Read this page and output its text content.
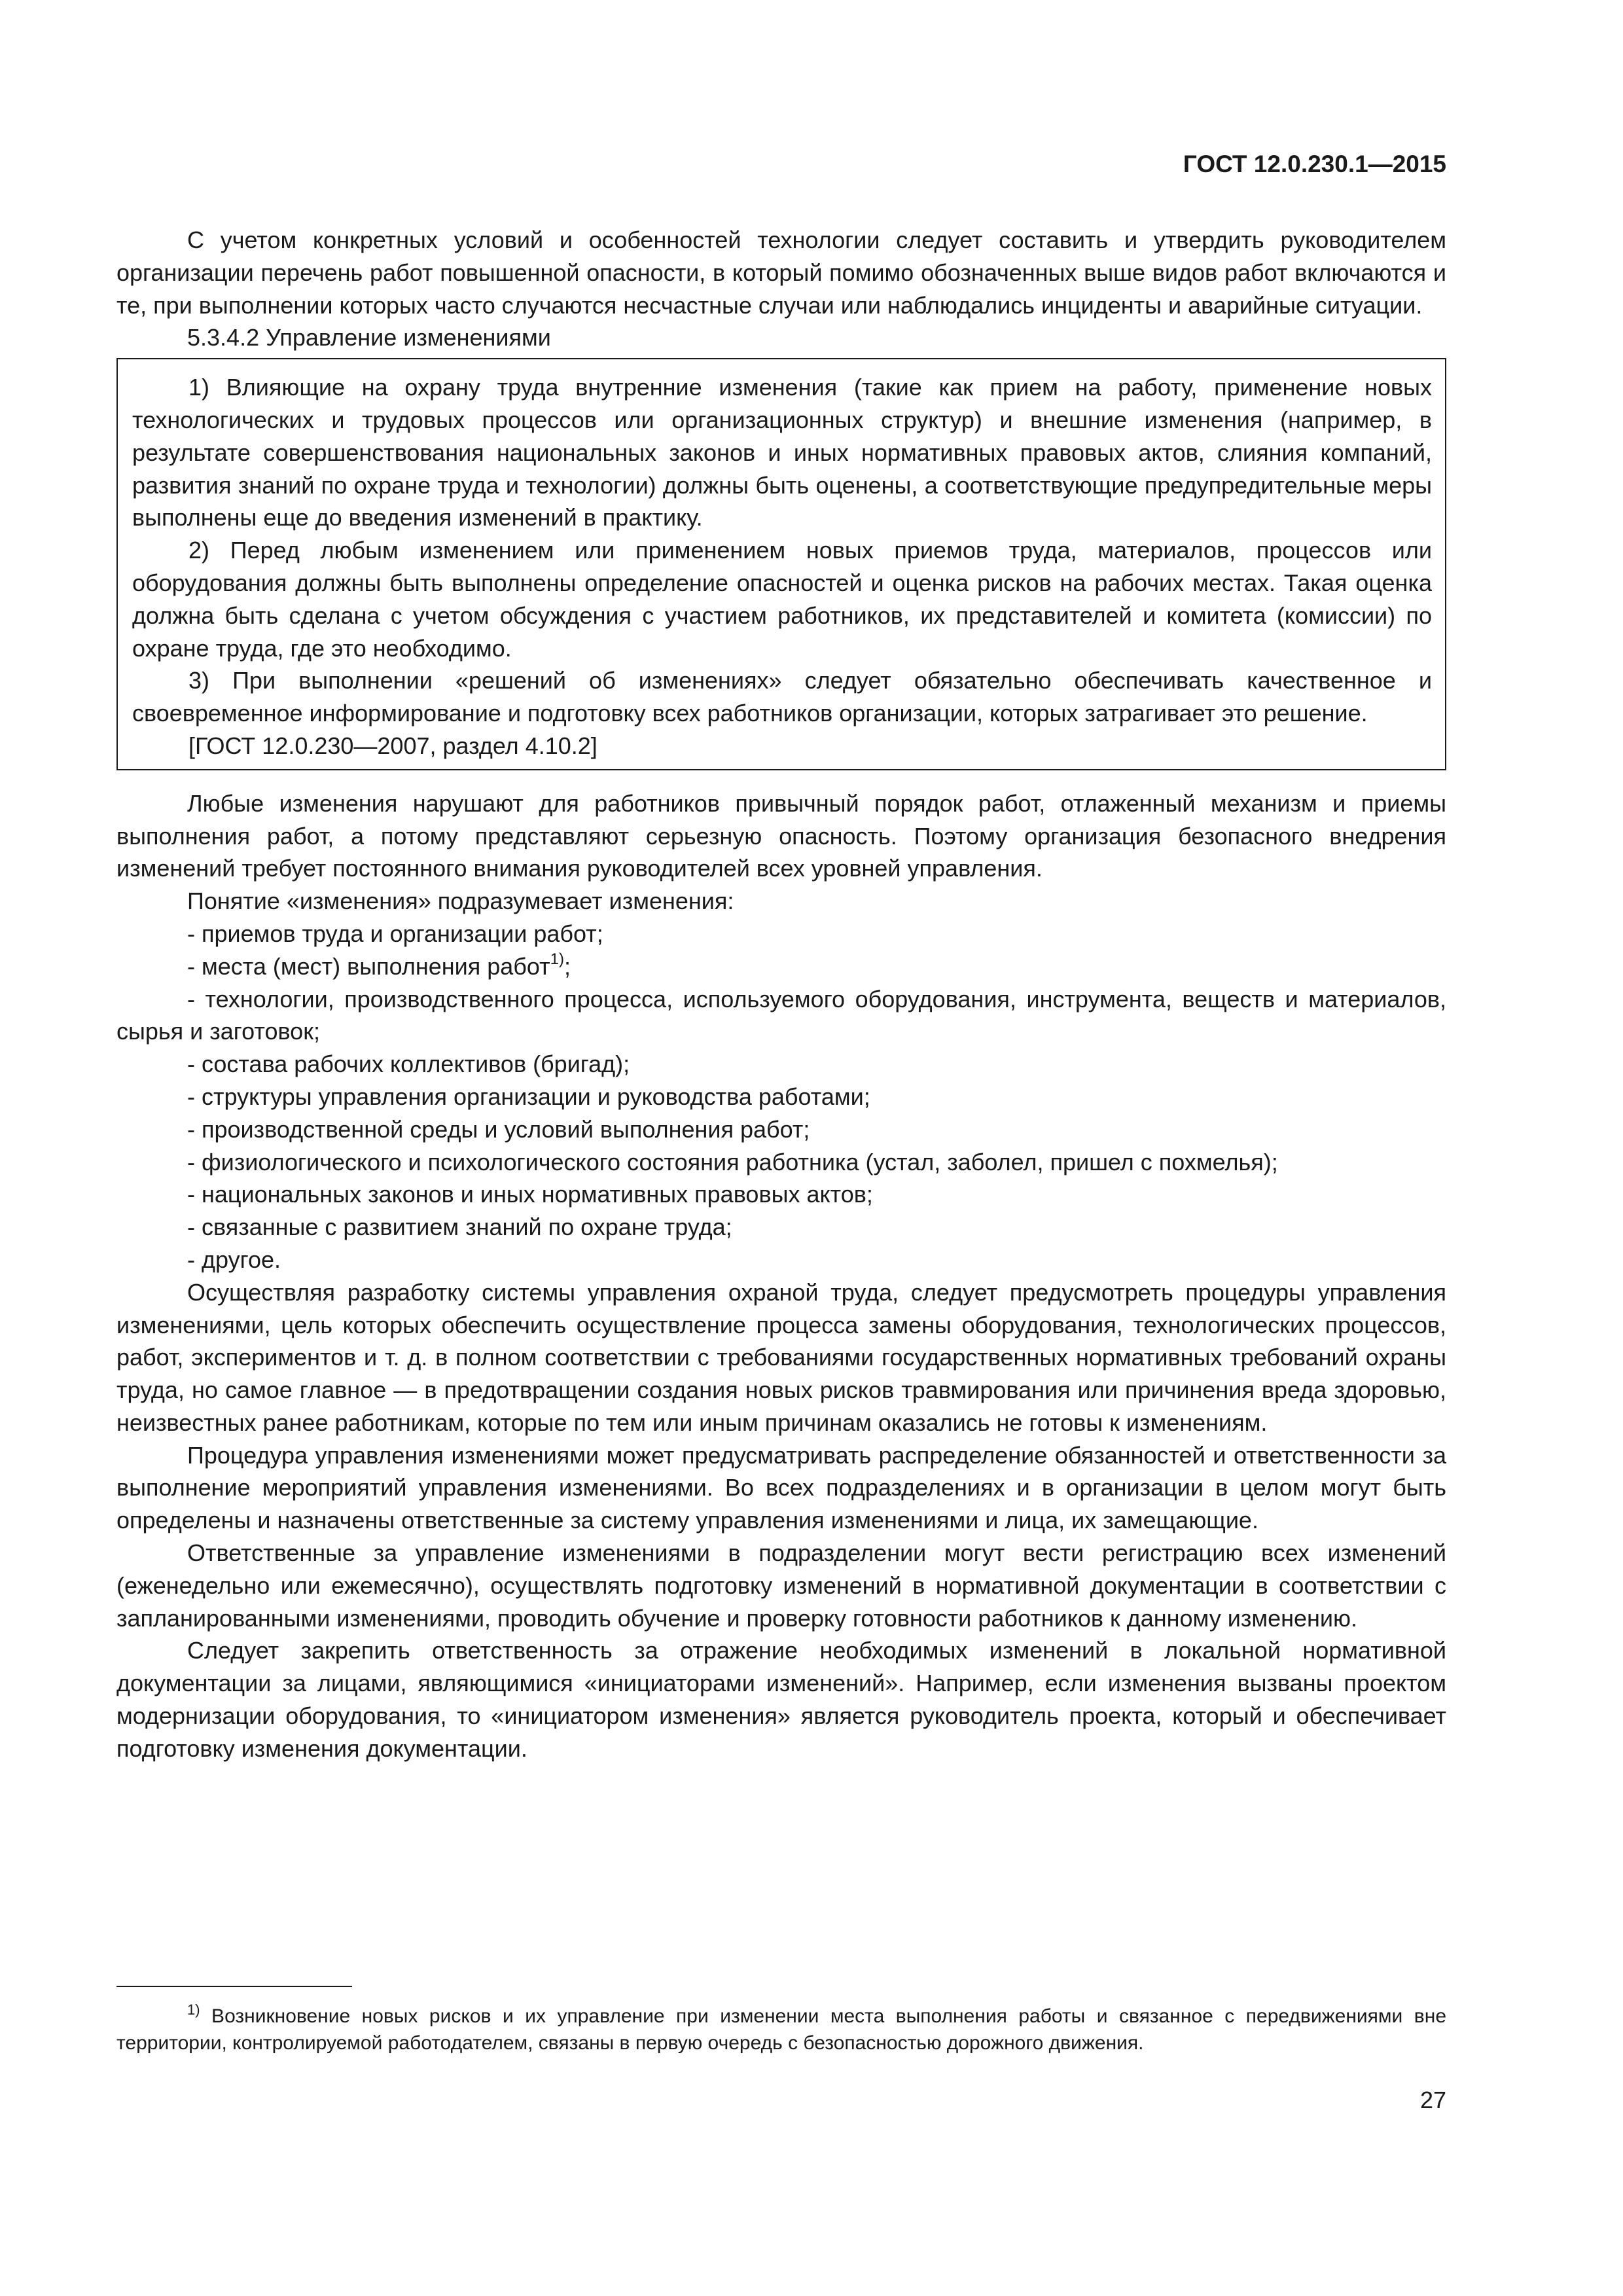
ГОСТ 12.0.230.1—2015

С учетом конкретных условий и особенностей технологии следует составить и утвердить руководителем организации перечень работ повышенной опасности, в который помимо обозначенных выше видов работ включаются и те, при выполнении которых часто случаются несчастные случаи или наблюдались инциденты и аварийные ситуации.

5.3.4.2 Управление изменениями

1) Влияющие на охрану труда внутренние изменения (такие как прием на работу, применение новых технологических и трудовых процессов или организационных структур) и внешние изменения (например, в результате совершенствования национальных законов и иных нормативных правовых актов, слияния компаний, развития знаний по охране труда и технологии) должны быть оценены, а соответствующие предупредительные меры выполнены еще до введения изменений в практику.

2) Перед любым изменением или применением новых приемов труда, материалов, процессов или оборудования должны быть выполнены определение опасностей и оценка рисков на рабочих местах. Такая оценка должна быть сделана с учетом обсуждения с участием работников, их представителей и комитета (комиссии) по охране труда, где это необходимо.

3) При выполнении «решений об изменениях» следует обязательно обеспечивать качественное и своевременное информирование и подготовку всех работников организации, которых затрагивает это решение.

[ГОСТ 12.0.230—2007, раздел 4.10.2]

Любые изменения нарушают для работников привычный порядок работ, отлаженный механизм и приемы выполнения работ, а потому представляют серьезную опасность. Поэтому организация безопасного внедрения изменений требует постоянного внимания руководителей всех уровней управления.

Понятие «изменения» подразумевает изменения:

- приемов труда и организации работ;

- места (мест) выполнения работ$^{1)}$;

- технологии, производственного процесса, используемого оборудования, инструмента, веществ и материалов, сырья и заготовок;

- состава рабочих коллективов (бригад);

- структуры управления организации и руководства работами;

- производственной среды и условий выполнения работ;

- физиологического и психологического состояния работника (устал, заболел, пришел с похмелья);

- национальных законов и иных нормативных правовых актов;

- связанные с развитием знаний по охране труда;

- другое.

Осуществляя разработку системы управления охраной труда, следует предусмотреть процедуры управления изменениями, цель которых обеспечить осуществление процесса замены оборудования, технологических процессов, работ, экспериментов и т. д. в полном соответствии с требованиями государственных нормативных требований охраны труда, но самое главное — в предотвращении создания новых рисков травмирования или причинения вреда здоровью, неизвестных ранее работникам, которые по тем или иным причинам оказались не готовы к изменениям.

Процедура управления изменениями может предусматривать распределение обязанностей и ответственности за выполнение мероприятий управления изменениями. Во всех подразделениях и в организации в целом могут быть определены и назначены ответственные за систему управления изменениями и лица, их замещающие.

Ответственные за управление изменениями в подразделении могут вести регистрацию всех изменений (еженедельно или ежемесячно), осуществлять подготовку изменений в нормативной документации в соответствии с запланированными изменениями, проводить обучение и проверку готовности работников к данному изменению.

Следует закрепить ответственность за отражение необходимых изменений в локальной нормативной документации за лицами, являющимися «инициаторами изменений». Например, если изменения вызваны проектом модернизации оборудования, то «инициатором изменения» является руководитель проекта, который и обеспечивает подготовку изменения документации.

$^{1)}$ Возникновение новых рисков и их управление при изменении места выполнения работы и связанное с передвижениями вне территории, контролируемой работодателем, связаны в первую очередь с безопасностью дорожного движения.

27
